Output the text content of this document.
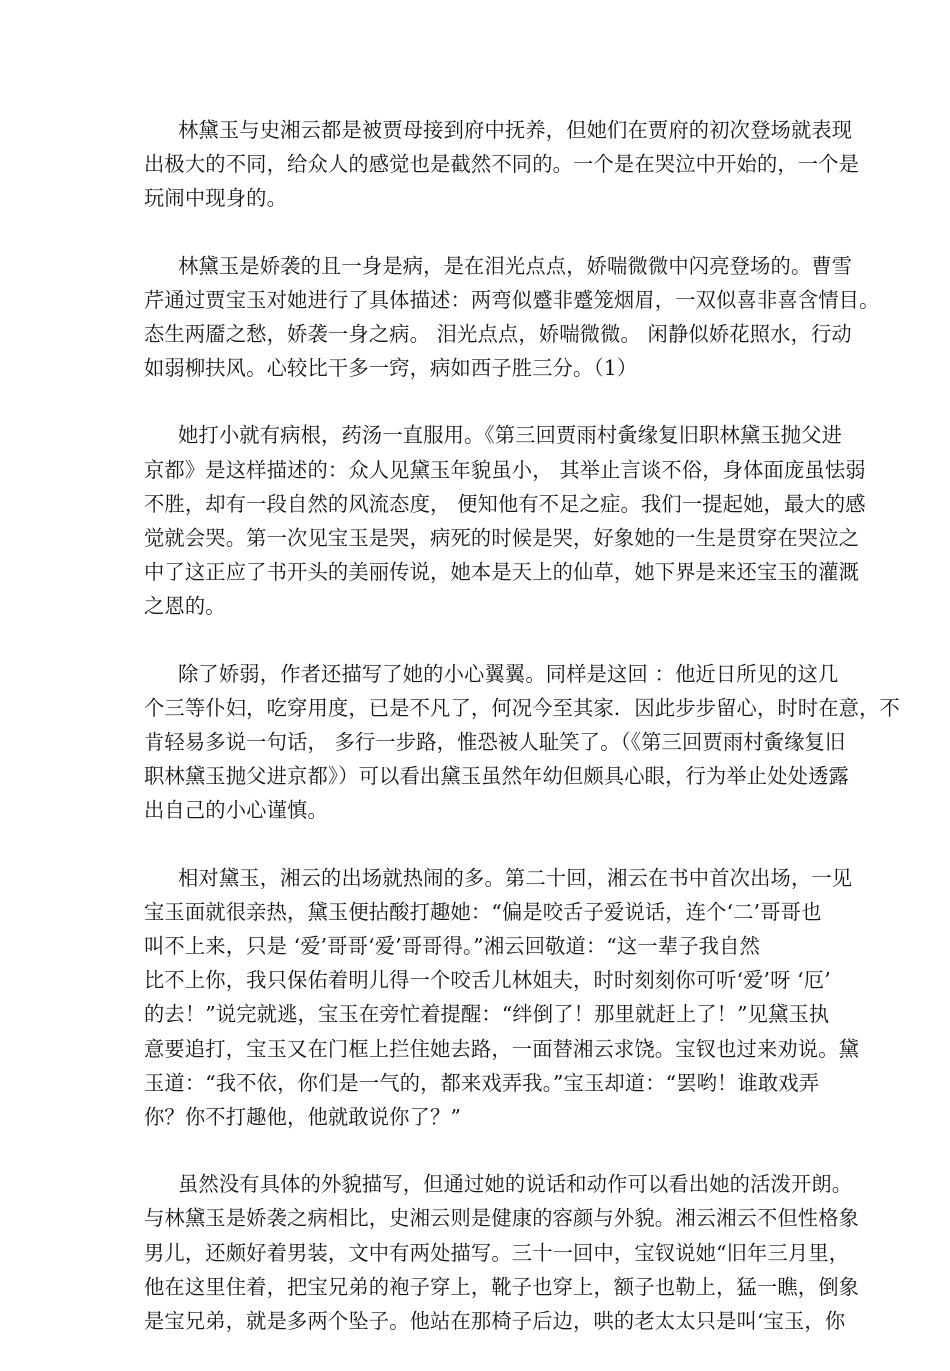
林黛玉与史湘云都是被贾母接到府中抚养，但她们在贾府的初次登场就表现
出极大的不同，给众人的感觉也是截然不同的。一个是在哭泣中开始的，一个是
玩闹中现身的。

林黛玉是娇袭的且一身是病，是在泪光点点，娇喘微微中闪亮登场的。曹雪
芹通过贾宝玉对她进行了具体描述：两弯似蹙非蹙笼烟眉，一双似喜非喜含情目。
态生两靥之愁，娇袭一身之病。 泪光点点，娇喘微微。 闲静似娇花照水，行动
如弱柳扶风。心较比干多一窍，病如西子胜三分。（1）

她打小就有病根，药汤一直服用。《第三回贾雨村夤缘复旧职林黛玉抛父进
京都》是这样描述的：众人见黛玉年貌虽小， 其举止言谈不俗，身体面庞虽怯弱
不胜，却有一段自然的风流态度， 便知他有不足之症。我们一提起她，最大的感
觉就会哭。第一次见宝玉是哭，病死的时候是哭，好象她的一生是贯穿在哭泣之
中了这正应了书开头的美丽传说，她本是天上的仙草，她下界是来还宝玉的灌溉
之恩的。

除了娇弱，作者还描写了她的小心翼翼。同样是这回 ：他近日所见的这几
个三等仆妇，吃穿用度，已是不凡了，何况今至其家．因此步步留心，时时在意，不
肯轻易多说一句话， 多行一步路，惟恐被人耻笑了。（《第三回贾雨村夤缘复旧
职林黛玉抛父进京都》）可以看出黛玉虽然年幼但颇具心眼，行为举止处处透露
出自己的小心谨慎。

相对黛玉，湘云的出场就热闹的多。第二十回，湘云在书中首次出场，一见
宝玉面就很亲热，黛玉便拈酸打趣她：“偏是咬舌子爱说话，连个‘二’哥哥也
叫不上来，只是 ‘爱’哥哥‘爱’哥哥得。”湘云回敬道：“这一辈子我自然
比不上你，我只保佑着明儿得一个咬舌儿林姐夫，时时刻刻你可听‘爱’呀 ‘厄’
的去！”说完就逃，宝玉在旁忙着提醒：“绊倒了！那里就赶上了！”见黛玉执
意要追打，宝玉又在门框上拦住她去路，一面替湘云求饶。宝钗也过来劝说。黛
玉道：“我不依，你们是一气的，都来戏弄我。”宝玉却道：“罢哟！谁敢戏弄
你？你不打趣他，他就敢说你了？”

虽然没有具体的外貌描写，但通过她的说话和动作可以看出她的活泼开朗。
与林黛玉是娇袭之病相比，史湘云则是健康的容颜与外貌。湘云湘云不但性格象
男儿，还颇好着男装，文中有两处描写。三十一回中，宝钗说她“旧年三月里，
他在这里住着，把宝兄弟的袍子穿上，靴子也穿上，额子也勒上，猛一瞧，倒象
是宝兄弟，就是多两个坠子。他站在那椅子后边，哄的老太太只是叫‘宝玉，你
